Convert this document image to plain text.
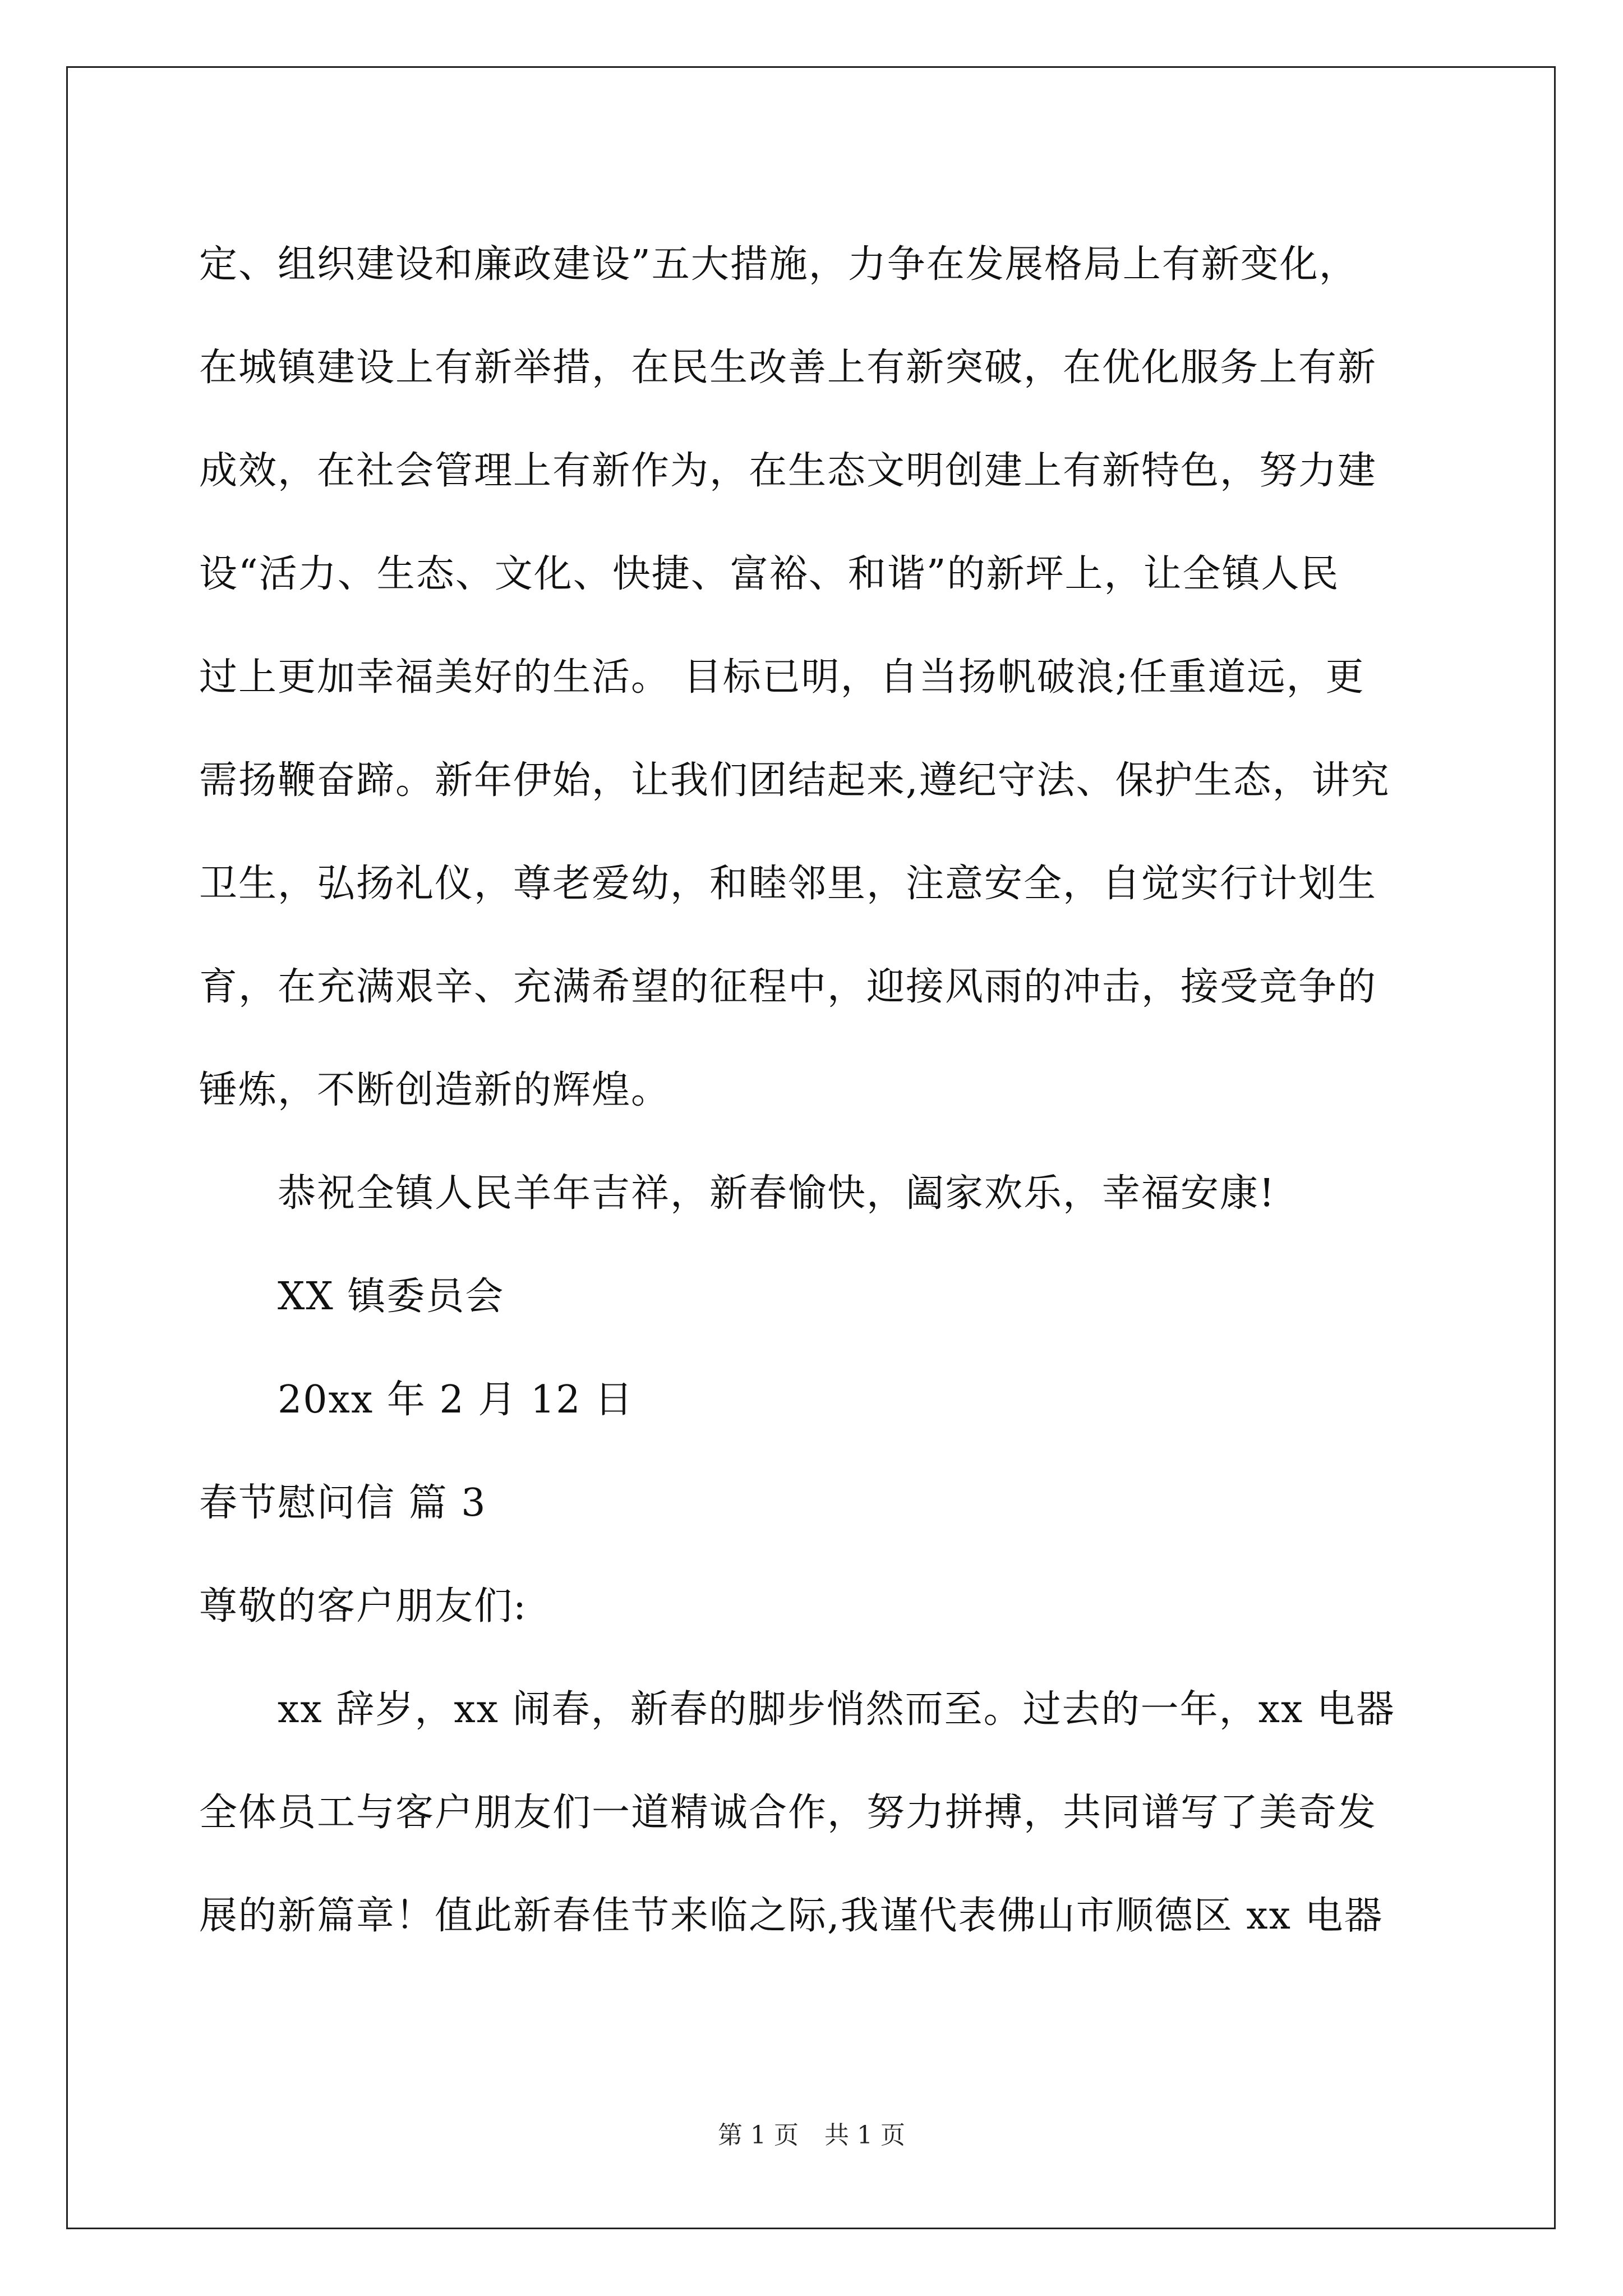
定、组织建设和廉政建设”五大措施，力争在发展格局上有新变化，
在城镇建设上有新举措，在民生改善上有新突破，在优化服务上有新
成效，在社会管理上有新作为，在生态文明创建上有新特色，努力建
设“活力、生态、文化、快捷、富裕、和谐”的新坪上，让全镇人民
过上更加幸福美好的生活。 目标已明，自当扬帆破浪;任重道远，更
需扬鞭奋蹄。新年伊始，让我们团结起来,遵纪守法、保护生态，讲究
卫生，弘扬礼仪，尊老爱幼，和睦邻里，注意安全，自觉实行计划生
育，在充满艰辛、充满希望的征程中，迎接风雨的冲击，接受竞争的
锤炼，不断创造新的辉煌。
恭祝全镇人民羊年吉祥，新春愉快，阖家欢乐，幸福安康!
XX 镇委员会
20xx 年 2 月 12 日
春节慰问信 篇 3
尊敬的客户朋友们:
xx 辞岁，xx 闹春，新春的脚步悄然而至。过去的一年，xx 电器
全体员工与客户朋友们一道精诚合作，努力拼搏，共同谱写了美奇发
展的新篇章！值此新春佳节来临之际,我谨代表佛山市顺德区 xx 电器
第 1 页 共 1 页
